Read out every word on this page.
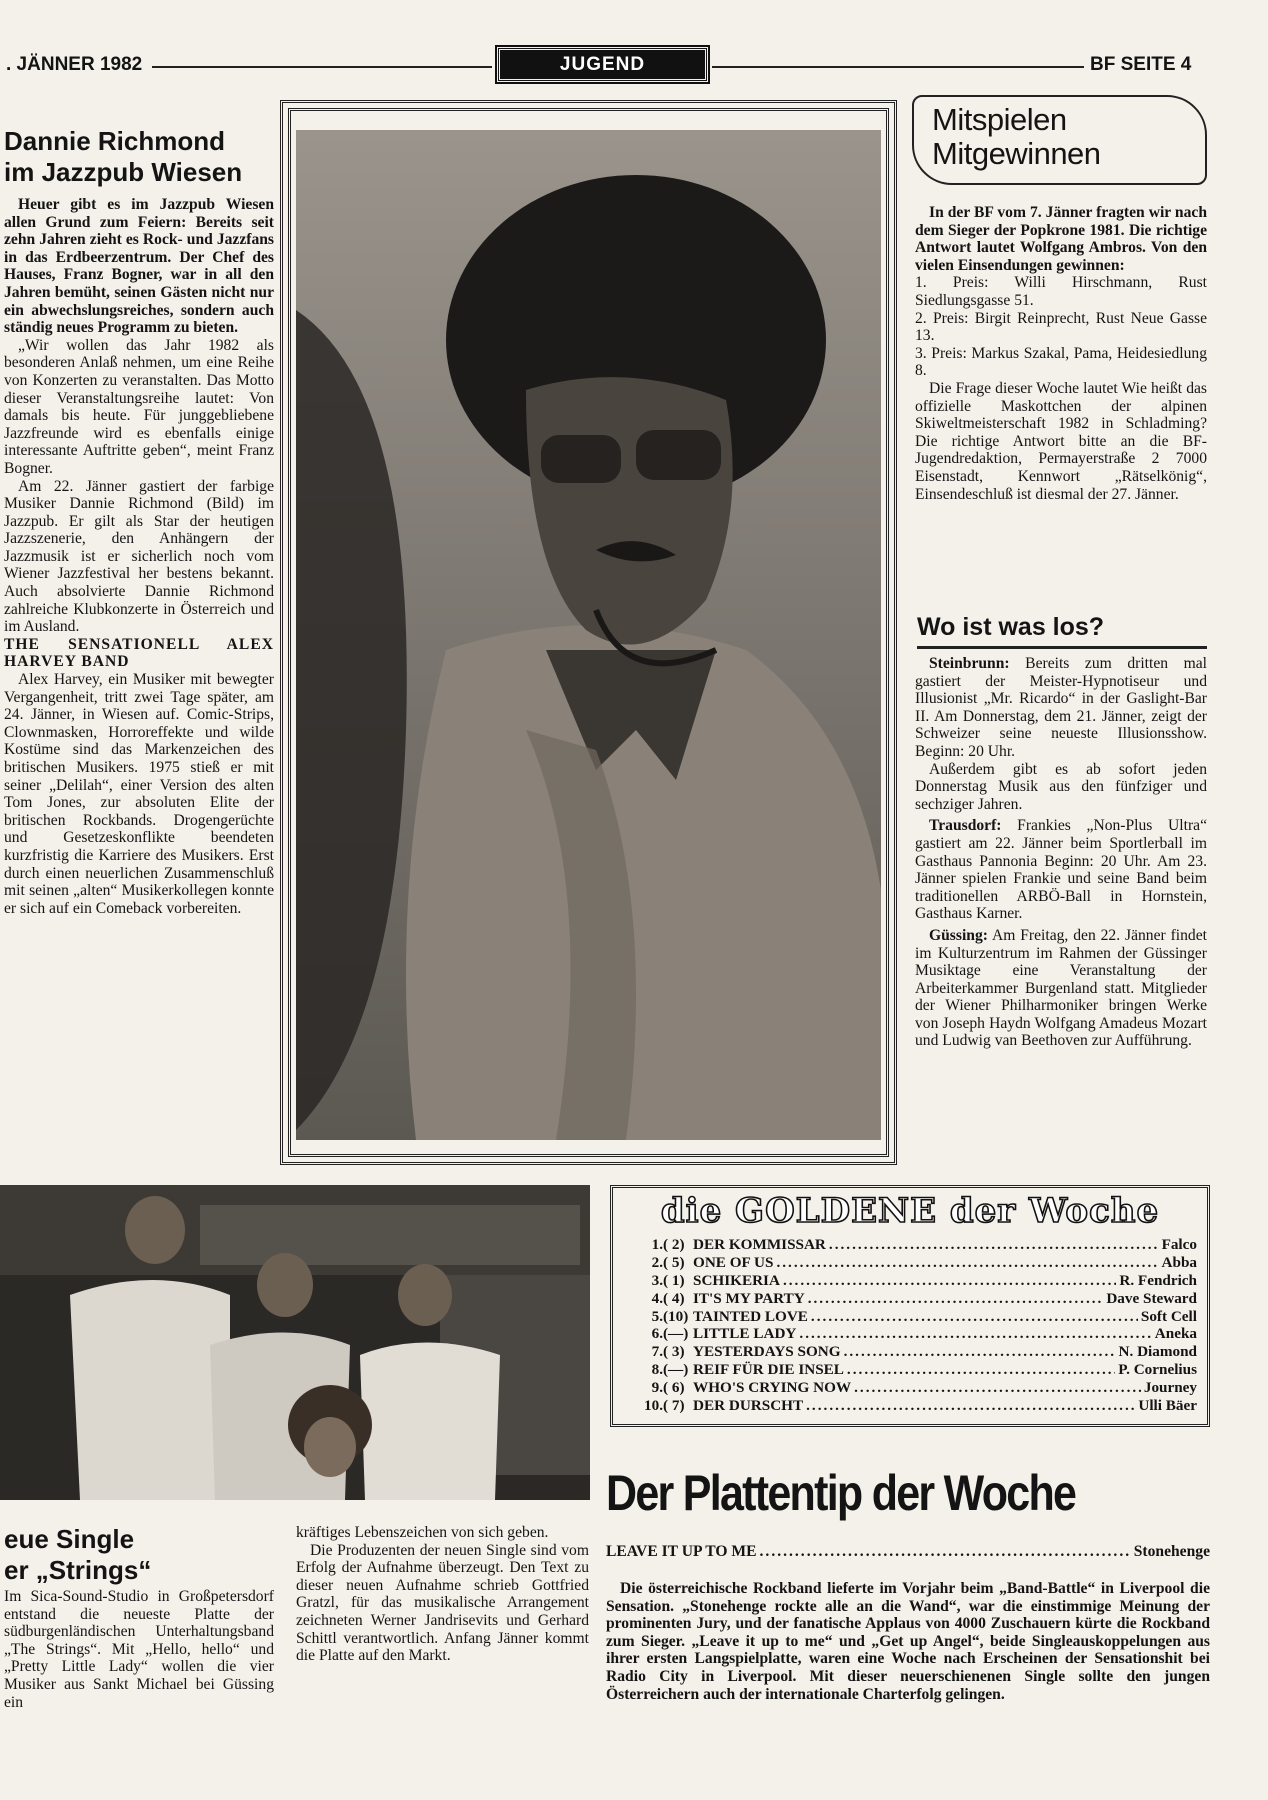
. JÄNNER 1982	JUGEND	BF SEITE 4
Dannie Richmond
im Jazzpub Wiesen

Heuer gibt es im Jazzpub Wiesen allen Grund zum Feiern: Bereits seit zehn Jahren zieht es Rock- und Jazzfans in das Erdbeerzentrum. Der Chef des Hauses, Franz Bogner, war in all den Jahren bemüht, seinen Gästen nicht nur ein abwechslungsreiches, sondern auch ständig neues Programm zu bieten.

„Wir wollen das Jahr 1982 als besonderen Anlaß nehmen, um eine Reihe von Konzerten zu veranstalten. Das Motto dieser Veranstaltungsreihe lautet: Von damals bis heute. Für junggebliebene Jazzfreunde wird es ebenfalls einige interessante Auftritte geben“, meint Franz Bogner.

Am 22. Jänner gastiert der farbige Musiker Dannie Richmond (Bild) im Jazzpub. Er gilt als Star der heutigen Jazzszenerie, den Anhängern der Jazzmusik ist er sicherlich noch vom Wiener Jazzfestival her bestens bekannt. Auch absolvierte Dannie Richmond zahlreiche Klubkonzerte in Österreich und im Ausland.

THE SENSATIONELL ALEX HARVEY BAND

Alex Harvey, ein Musiker mit bewegter Vergangenheit, tritt zwei Tage später, am 24. Jänner, in Wiesen auf. Comic-Strips, Clownmasken, Horroreffekte und wilde Kostüme sind das Markenzeichen des britischen Musikers. 1975 stieß er mit seiner „Delilah“, einer Version des alten Tom Jones, zur absoluten Elite der britischen Rockbands. Drogengerüchte und Gesetzeskonflikte beendeten kurzfristig die Karriere des Musikers. Erst durch einen neuerlichen Zusammenschluß mit seinen „alten“ Musikerkollegen konnte er sich auf ein Comeback vorbereiten.

Mitspielen
Mitgewinnen

In der BF vom 7. Jänner fragten wir nach dem Sieger der Popkrone 1981. Die richtige Antwort lautet Wolfgang Ambros. Von den vielen Einsendungen gewinnen:

1. Preis: Willi Hirschmann, Rust Siedlungsgasse 51.

2. Preis: Birgit Reinprecht, Rust Neue Gasse 13.

3. Preis: Markus Szakal, Pama, Heidesiedlung 8.

Die Frage dieser Woche lautet Wie heißt das offizielle Maskottchen der alpinen Skiweltmeisterschaft 1982 in Schladming? Die richtige Antwort bitte an die BF-Jugendredaktion, Permayerstraße 2 7000 Eisenstadt, Kennwort „Rätselkönig“, Einsendeschluß ist diesmal der 27. Jänner.

Wo ist was los?

Steinbrunn: Bereits zum dritten mal gastiert der Meister-Hypnotiseur und Illusionist „Mr. Ricardo“ in der Gaslight-Bar II. Am Donnerstag, dem 21. Jänner, zeigt der Schweizer seine neueste Illusionsshow. Beginn: 20 Uhr.

Außerdem gibt es ab sofort jeden Donnerstag Musik aus den fünfziger und sechziger Jahren.

Trausdorf: Frankies „Non-Plus Ultra“ gastiert am 22. Jänner beim Sportlerball im Gasthaus Pannonia Beginn: 20 Uhr. Am 23. Jänner spielen Frankie und seine Band beim traditionellen ARBÖ-Ball in Hornstein, Gasthaus Karner.

Güssing: Am Freitag, den 22. Jänner findet im Kulturzentrum im Rahmen der Güssinger Musiktage eine Veranstaltung der Arbeiterkammer Burgenland statt. Mitglieder der Wiener Philharmoniker bringen Werke von Joseph Haydn Wolfgang Amadeus Mozart und Ludwig van Beethoven zur Aufführung.

eue Single
er „Strings“

Im Sica-Sound-Studio in Großpetersdorf entstand die neueste Platte der südburgenländischen Unterhaltungsband „The Strings“. Mit „Hello, hello“ und „Pretty Little Lady“ wollen die vier Musiker aus Sankt Michael bei Güssing ein

kräftiges Lebenszeichen von sich geben.

Die Produzenten der neuen Single sind vom Erfolg der Aufnahme überzeugt. Den Text zu dieser neuen Aufnahme schrieb Gottfried Gratzl, für das musikalische Arrangement zeichneten Werner Jandrisevits und Gerhard Schittl verantwortlich. Anfang Jänner kommt die Platte auf den Markt.

die GOLDENE der Woche
1. ( 2) DER KOMMISSAR .....	Falco
2. ( 5) ONE OF US .....	Abba
3. ( 1) SCHIKERIA .....	R. Fendrich
4. ( 4) IT'S MY PARTY .....	Dave Steward
5. (10) TAINTED LOVE .....	Soft Cell
6. (—) LITTLE LADY .....	Aneka
7. ( 3) YESTERDAYS SONG .....	N. Diamond
8. (—) REIF FÜR DIE INSEL .....	P. Cornelius
9. ( 6) WHO'S CRYING NOW .....	Journey
10. ( 7) DER DURSCHT .....	Ulli Bäer
Der Plattentip der Woche
LEAVE IT UP TO ME .....	Stonehenge

Die österreichische Rockband lieferte im Vorjahr beim „Band-Battle“ in Liverpool die Sensation. „Stonehenge rockte alle an die Wand“, war die einstimmige Meinung der prominenten Jury, und der fanatische Applaus von 4000 Zuschauern kürte die Rockband zum Sieger. „Leave it up to me“ und „Get up Angel“, beide Singleauskoppelungen aus ihrer ersten Langspielplatte, waren eine Woche nach Erscheinen der Sensationshit bei Radio City in Liverpool. Mit dieser neuerschienenen Single sollte den jungen Österreichern auch der internationale Charterfolg gelingen.
